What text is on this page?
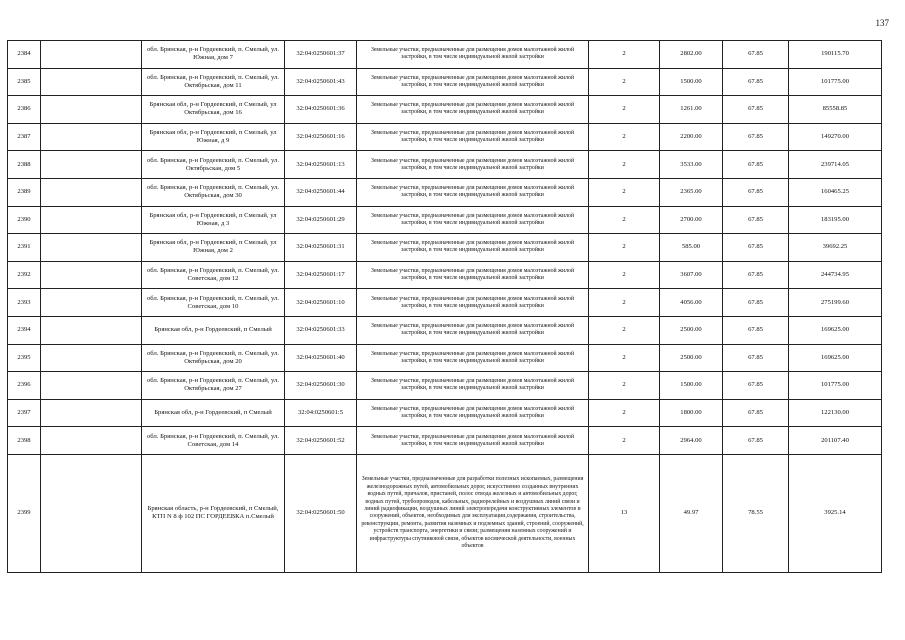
137
2384		обл. Брянская, р-н Гордеевский, п. Смелый, ул. Южная, дом 7	32:04:0250601:37	Земельные участки, предназначенные для размещения домов малоэтажной жилой застройки, в том числе индивидуальной жилой застройки	2	2802.00	67.85	190115.70
2385		обл. Брянская, р-н Гордеевский, п. Смелый, ул. Октябрьская, дом 11	32:04:0250601:43	Земельные участки, предназначенные для размещения домов малоэтажной жилой застройки, в том числе индивидуальной жилой застройки	2	1500.00	67.85	101775.00
2386		Брянская обл, р-н Гордеевский, п Смелый, ул Октябрьская, дом 16	32:04:0250601:36	Земельные участки, предназначенные для размещения домов малоэтажной жилой застройки, в том числе индивидуальной жилой застройки	2	1261.00	67.85	85558.85
2387		Брянская обл, р-н Гордеевский, п Смелый, ул Южная, д 9	32:04:0250601:16	Земельные участки, предназначенные для размещения домов малоэтажной жилой застройки, в том числе индивидуальной жилой застройки	2	2200.00	67.85	149270.00
2388		обл. Брянская, р-н Гордеевский, п. Смелый, ул. Октябрьская, дом 5	32:04:0250601:13	Земельные участки, предназначенные для размещения домов малоэтажной жилой застройки, в том числе индивидуальной жилой застройки	2	3533.00	67.85	239714.05
2389		обл. Брянская, р-н Гордеевский, п. Смелый, ул. Октябрьская, дом 30	32:04:0250601:44	Земельные участки, предназначенные для размещения домов малоэтажной жилой застройки, в том числе индивидуальной жилой застройки	2	2365.00	67.85	160465.25
2390		Брянская обл, р-н Гордеевский, п Смелый, ул Южная, д 3	32:04:0250601:29	Земельные участки, предназначенные для размещения домов малоэтажной жилой застройки, в том числе индивидуальной жилой застройки	2	2700.00	67.85	183195.00
2391		Брянская обл, р-н Гордеевский, п Смелый, ул Южная, дом 2	32:04:0250601:31	Земельные участки, предназначенные для размещения домов малоэтажной жилой застройки, в том числе индивидуальной жилой застройки	2	585.00	67.85	39692.25
2392		обл. Брянская, р-н Гордеевский, п. Смелый, ул. Советская, дом 12	32:04:0250601:17	Земельные участки, предназначенные для размещения домов малоэтажной жилой застройки, в том числе индивидуальной жилой застройки	2	3607.00	67.85	244734.95
2393		обл. Брянская, р-н Гордеевский, п. Смелый, ул. Советская, дом 10	32:04:0250601:10	Земельные участки, предназначенные для размещения домов малоэтажной жилой застройки, в том числе индивидуальной жилой застройки	2	4056.00	67.85	275199.60
2394		Брянская обл, р-н Гордеевский, п Смелый	32:04:0250601:33	Земельные участки, предназначенные для размещения домов малоэтажной жилой застройки, в том числе индивидуальной жилой застройки	2	2500.00	67.85	169625.00
2395		обл. Брянская, р-н Гордеевский, п. Смелый, ул. Октябрьская, дом 20	32:04:0250601:40	Земельные участки, предназначенные для размещения домов малоэтажной жилой застройки, в том числе индивидуальной жилой застройки	2	2500.00	67.85	169625.00
2396		обл. Брянская, р-н Гордеевский, п. Смелый, ул. Октябрьская, дом 27	32:04:0250601:30	Земельные участки, предназначенные для размещения домов малоэтажной жилой застройки, в том числе индивидуальной жилой застройки	2	1500.00	67.85	101775.00
2397		Брянская обл, р-н Гордеевский, п Смелый	32:04:0250601:5	Земельные участки, предназначенные для размещения домов малоэтажной жилой застройки, в том числе индивидуальной жилой застройки	2	1800.00	67.85	122130.00
2398		обл. Брянская, р-н Гордеевский, п. Смелый, ул. Советская, дом 14	32:04:0250601:52	Земельные участки, предназначенные для размещения домов малоэтажной жилой застройки, в том числе индивидуальной жилой застройки	2	2964.00	67.85	201107.40
2399		Брянская область, р-н Гордеевский, п Смелый, КТП N 8 ф 102 ПС ГОРДЕЕВКА п.Смелый	32:04:0250601:50	Земельные участки, предназначенные для разработки полезных ископаемых, размещения железнодорожных путей, автомобильных дорог, искусственно созданных внутренних водных путей, причалов, пристаней, полос отвода железных и автомобильных дорог, водных путей, трубопроводов, кабельных, радиорелейных и воздушных линий связи и линий радиофикации, воздушных линий электропередачи конструктивных элементов и сооружений, объектов, необходимых для эксплуатации,содержания, строительства, реконструкции, ремонта, развития наземных и подземных зданий, строений, сооружений, устройств транспорта, энергетики и связи; размещения наземных сооружений и инфраструктуры спутниковой связи, объектов космической деятельности, военных объектов	13	49.97	78.55	3925.14
